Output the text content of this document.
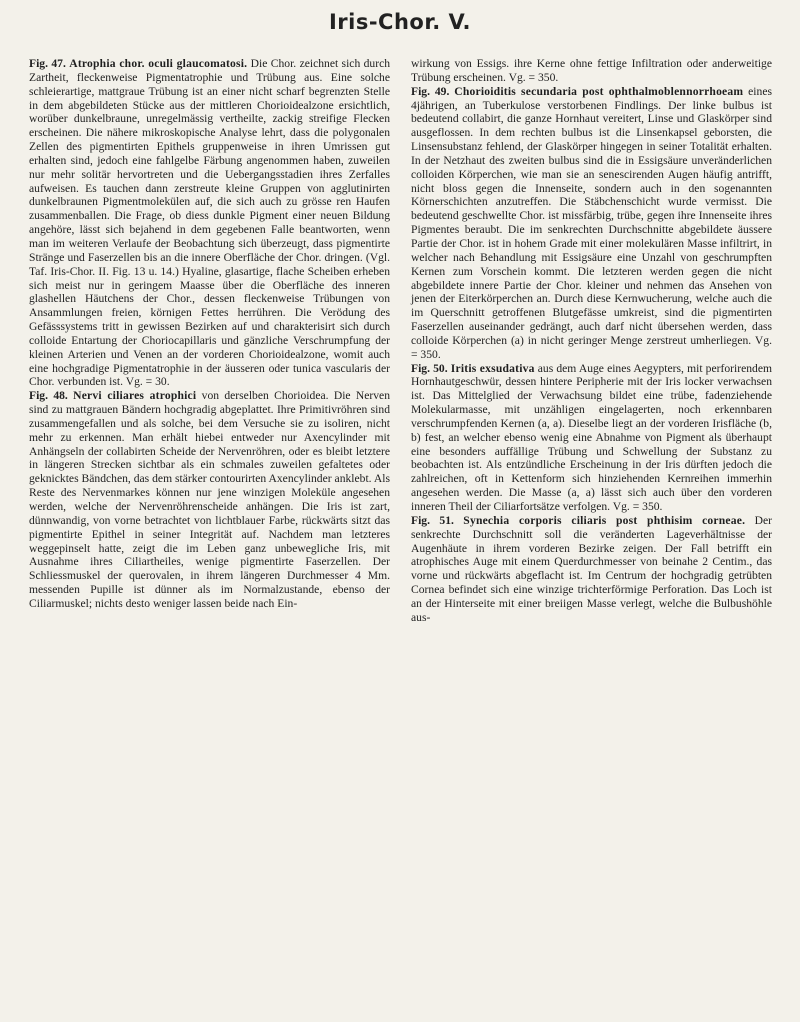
Iris-Chor. V.

Fig. 47. Atrophia chor. oculi glaucomatosi. Die Chor. zeichnet sich durch Zartheit, fleckenweise Pigmentatrophie und Trübung aus. Eine solche schleierartige, mattgraue Trübung ist an einer nicht scharf begrenzten Stelle in dem abgebildeten Stücke aus der mittleren Chorioidealzone ersichtlich, worüber dunkelbraune, unregelmässig vertheilte, zackig streifige Flecken erscheinen. Die nähere mikroskopische Analyse lehrt, dass die polygonalen Zellen des pigmentirten Epithels gruppenweise in ihren Umrissen gut erhalten sind, jedoch eine fahlgelbe Färbung angenommen haben, zuweilen nur mehr solitär hervortreten und die Uebergangsstadien ihres Zerfalles aufweisen. Es tauchen dann zerstreute kleine Gruppen von agglutinirten dunkelbraunen Pigmentmolekülen auf, die sich auch zu grösse ren Haufen zusammenballen. Die Frage, ob diess dunkle Pigment einer neuen Bildung angehöre, lässt sich bejahend in dem gegebenen Falle beantworten, wenn man im weiteren Verlaufe der Beobachtung sich überzeugt, dass pigmentirte Stränge und Faserzellen bis an die innere Oberfläche der Chor. dringen. (Vgl. Taf. Iris-Chor. II. Fig. 13 u. 14.) Hyaline, glasartige, flache Scheiben erheben sich meist nur in geringem Maasse über die Oberfläche des inneren glashellen Häutchens der Chor., dessen fleckenweise Trübungen von Ansammlungen freien, körnigen Fettes herrühren. Die Verödung des Gefässsystems tritt in gewissen Bezirken auf und charakterisirt sich durch colloide Entartung der Choriocapillaris und gänzliche Verschrumpfung der kleinen Arterien und Venen an der vorderen Chorioidealzone, womit auch eine hochgradige Pigmentatrophie in der äusseren oder tunica vascularis der Chor. verbunden ist. Vg. = 30.

Fig. 48. Nervi ciliares atrophici von derselben Chorioidea. Die Nerven sind zu mattgrauen Bändern hochgradig abgeplattet. Ihre Primitivröhren sind zusammengefallen und als solche, bei dem Versuche sie zu isoliren, nicht mehr zu erkennen. Man erhält hiebei entweder nur Axencylinder mit Anhängseln der collabirten Scheide der Nervenröhren, oder es bleibt letztere in längeren Strecken sichtbar als ein schmales zuweilen gefaltetes oder geknicktes Bändchen, das dem stärker contourirten Axencylinder anklebt. Als Reste des Nervenmarkes können nur jene winzigen Moleküle angesehen werden, welche der Nervenröhrenscheide anhängen. Die Iris ist zart, dünnwandig, von vorne betrachtet von lichtblauer Farbe, rückwärts sitzt das pigmentirte Epithel in seiner Integrität auf. Nachdem man letzteres weggepinselt hatte, zeigt die im Leben ganz unbewegliche Iris, mit Ausnahme ihres Ciliartheiles, wenige pigmentirte Faserzellen. Der Schliessmuskel der querovalen, in ihrem längeren Durchmesser 4 Mm. messenden Pupille ist dünner als im Normalzustande, ebenso der Ciliarmuskel; nichts desto weniger lassen beide nach Ein-

wirkung von Essigs. ihre Kerne ohne fettige Infiltration oder anderweitige Trübung erscheinen. Vg. = 350.

Fig. 49. Chorioiditis secundaria post ophthalmoblennorrhoeam eines 4jährigen, an Tuberkulose verstorbenen Findlings. Der linke bulbus ist bedeutend collabirt, die ganze Hornhaut vereitert, Linse und Glaskörper sind ausgeflossen. In dem rechten bulbus ist die Linsenkapsel geborsten, die Linsensubstanz fehlend, der Glaskörper hingegen in seiner Totalität erhalten. In der Netzhaut des zweiten bulbus sind die in Essigsäure unveränderlichen colloiden Körperchen, wie man sie an senescirenden Augen häufig antrifft, nicht bloss gegen die Innenseite, sondern auch in den sogenannten Körnerschichten anzutreffen. Die Stäbchenschicht wurde vermisst. Die bedeutend geschwellte Chor. ist missfärbig, trübe, gegen ihre Innenseite ihres Pigmentes beraubt. Die im senkrechten Durchschnitte abgebildete äussere Partie der Chor. ist in hohem Grade mit einer molekulären Masse infiltrirt, in welcher nach Behandlung mit Essigsäure eine Unzahl von geschrumpften Kernen zum Vorschein kommt. Die letzteren werden gegen die nicht abgebildete innere Partie der Chor. kleiner und nehmen das Ansehen von jenen der Eiterkörperchen an. Durch diese Kernwucherung, welche auch die im Querschnitt getroffenen Blutgefässe umkreist, sind die pigmentirten Faserzellen auseinander gedrängt, auch darf nicht übersehen werden, dass colloide Körperchen (a) in nicht geringer Menge zerstreut umherliegen. Vg. = 350.

Fig. 50. Iritis exsudativa aus dem Auge eines Aegypters, mit perforirendem Hornhautgeschwür, dessen hintere Peripherie mit der Iris locker verwachsen ist. Das Mittelglied der Verwachsung bildet eine trübe, fadenziehende Molekularmasse, mit unzähligen eingelagerten, noch erkennbaren verschrumpfenden Kernen (a, a). Dieselbe liegt an der vorderen Irisfläche (b, b) fest, an welcher ebenso wenig eine Abnahme von Pigment als überhaupt eine besonders auffällige Trübung und Schwellung der Substanz zu beobachten ist. Als entzündliche Erscheinung in der Iris dürften jedoch die zahlreichen, oft in Kettenform sich hinziehenden Kernreihen immerhin angesehen werden. Die Masse (a, a) lässt sich auch über den vorderen inneren Theil der Ciliarfortsätze verfolgen. Vg. = 350.

Fig. 51. Synechia corporis ciliaris post phthisim corneae. Der senkrechte Durchschnitt soll die veränderten Lageverhältnisse der Augenhäute in ihrem vorderen Bezirke zeigen. Der Fall betrifft ein atrophisches Auge mit einem Querdurchmesser von beinahe 2 Centim., das vorne und rückwärts abgeflacht ist. Im Centrum der hochgradig getrübten Cornea befindet sich eine winzige trichterförmige Perforation. Das Loch ist an der Hinterseite mit einer breiigen Masse verlegt, welche die Bulbushöhle aus-
